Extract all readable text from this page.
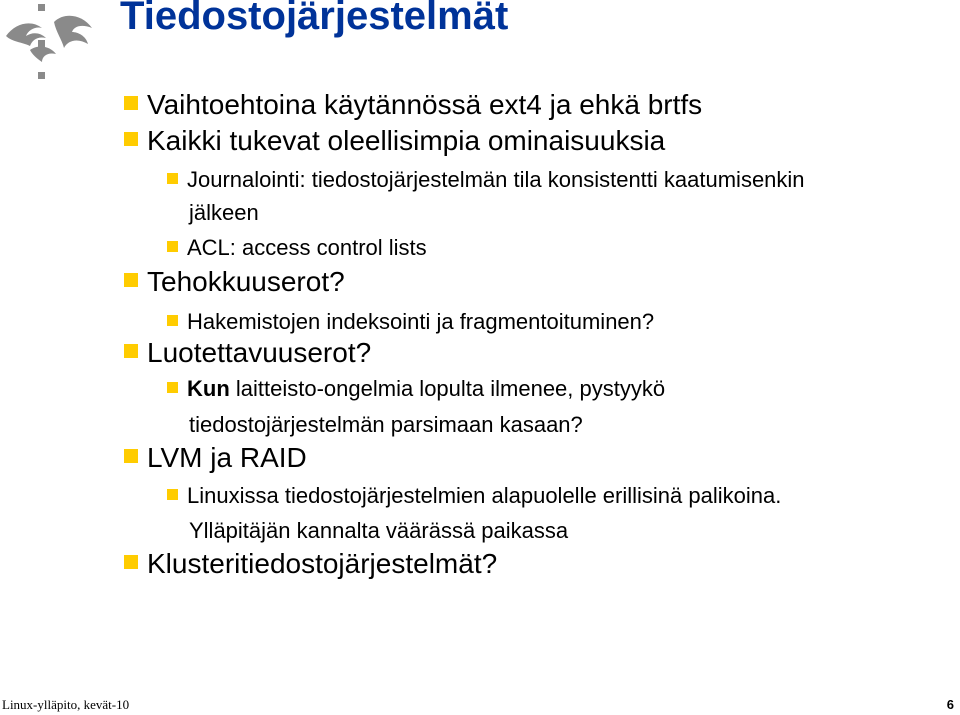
Tiedostojärjestelmät
Vaihtoehtoina käytännössä ext4 ja ehkä brtfs
Kaikki tukevat oleellisimpia ominaisuuksia
Journalointi: tiedostojärjestelmän tila konsistentti kaatumisenkin
jälkeen
ACL: access control lists
Tehokkuuserot?
Hakemistojen indeksointi ja fragmentoituminen?
Luotettavuuserot?
Kun laitteisto-ongelmia lopulta ilmenee, pystyykö
tiedostojärjestelmän parsimaan kasaan?
LVM ja RAID
Linuxissa tiedostojärjestelmien alapuolelle erillisinä palikoina.
Ylläpitäjän kannalta väärässä paikassa
Klusteritiedostojärjestelmät?
Linux-ylläpito, kevät-10	6
